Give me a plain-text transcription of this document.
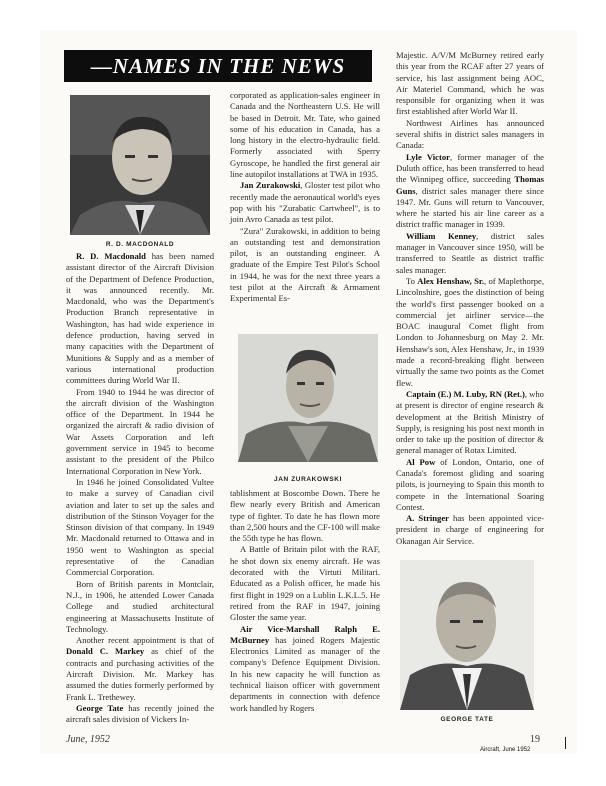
—NAMES IN THE NEWS
R. D. MACDONALD

R. D. Macdonald has been named assistant director of the Aircraft Division of the Department of Defence Production, it was announced recently. Mr. Macdonald, who was the Department's Production Branch representative in Washington, has had wide experience in defence production, having served in many capacities with the Department of Munitions & Supply and as a member of various international production committees during World War II.

From 1940 to 1944 he was director of the aircraft division of the Washington office of the Department. In 1944 he organized the aircraft & radio division of War Assets Corporation and left government service in 1945 to become assistant to the president of the Philco International Corporation in New York.

In 1946 he joined Consolidated Vultee to make a survey of Canadian civil aviation and later to set up the sales and distribution of the Stinson Voyager for the Stinson division of that company. In 1949 Mr. Macdonald returned to Ottawa and in 1950 went to Washington as special representative of the Canadian Commercial Corporation.

Born of British parents in Montclair, N.J., in 1906, he attended Lower Canada College and studied architectural engineering at Massachusetts Institute of Technology.

Another recent appointment is that of Donald C. Markey as chief of the contracts and purchasing activities of the Aircraft Division. Mr. Markey has assumed the duties formerly performed by Frank L. Trethewey.

George Tate has recently joined the aircraft sales division of Vickers In-

corporated as application-sales engineer in Canada and the Northeastern U.S. He will be based in Detroit. Mr. Tate, who gained some of his education in Canada, has a long history in the electro-hydraulic field. Formerly associated with Sperry Gyroscope, he handled the first general air line autopilot installations at TWA in 1935.

Jan Zurakowski, Gloster test pilot who recently made the aeronautical world's eyes pop with his "Zurabatic Cartwheel", is to join Avro Canada as test pilot.

"Zura" Zurakowski, in addition to being an outstanding test and demonstration pilot, is an outstanding engineer. A graduate of the Empire Test Pilot's School in 1944, he was for the next three years a test pilot at the Aircraft & Armament Experimental Es-

JAN ZURAKOWSKI

tablishment at Boscombe Down. There he flew nearly every British and American type of fighter. To date he has flown more than 2,500 hours and the CF-100 will make the 55th type he has flown.

A Battle of Britain pilot with the RAF, he shot down six enemy aircraft. He was decorated with the Virtuti Militari. Educated as a Polish officer, he made his first flight in 1929 on a Lublin L.K.L.5. He retired from the RAF in 1947, joining Gloster the same year.

Air Vice-Marshall Ralph E. McBurney has joined Rogers Majestic Electronics Limited as manager of the company's Defence Equipment Division. In his new capacity he will function as technical liaison officer with government departments in connection with defence work handled by Rogers

Majestic. A/V/M McBurney retired early this year from the RCAF after 27 years of service, his last assignment being AOC, Air Materiel Command, which he was responsible for organizing when it was first established after World War II.

Northwest Airlines has announced several shifts in district sales managers in Canada:

Lyle Victor, former manager of the Duluth office, has been transferred to head the Winnipeg office, succeeding Thomas Guns, district sales manager there since 1947. Mr. Guns will return to Vancouver, where he started his air line career as a district traffic manager in 1939.

William Kenney, district sales manager in Vancouver since 1950, will be transferred to Seattle as district traffic sales manager.

To Alex Henshaw, Sr., of Maplethorpe, Lincolnshire, goes the distinction of being the world's first passenger booked on a commercial jet airliner service—the BOAC inaugural Comet flight from London to Johannesburg on May 2. Mr. Henshaw's son, Alex Henshaw, Jr., in 1939 made a record-breaking flight between virtually the same two points as the Comet flew.

Captain (E.) M. Luby, RN (Ret.), who at present is director of engine research & development at the British Ministry of Supply, is resigning his post next month in order to take up the position of director & general manager of Rotax Limited.

Al Pow of London, Ontario, one of Canada's foremost gliding and soaring pilots, is journeying to Spain this month to compete in the International Soaring Contest.

A. Stringer has been appointed vice-president in charge of engineering for Okanagan Air Service.

GEORGE TATE
June, 1952	19
Aircraft, June 1952
